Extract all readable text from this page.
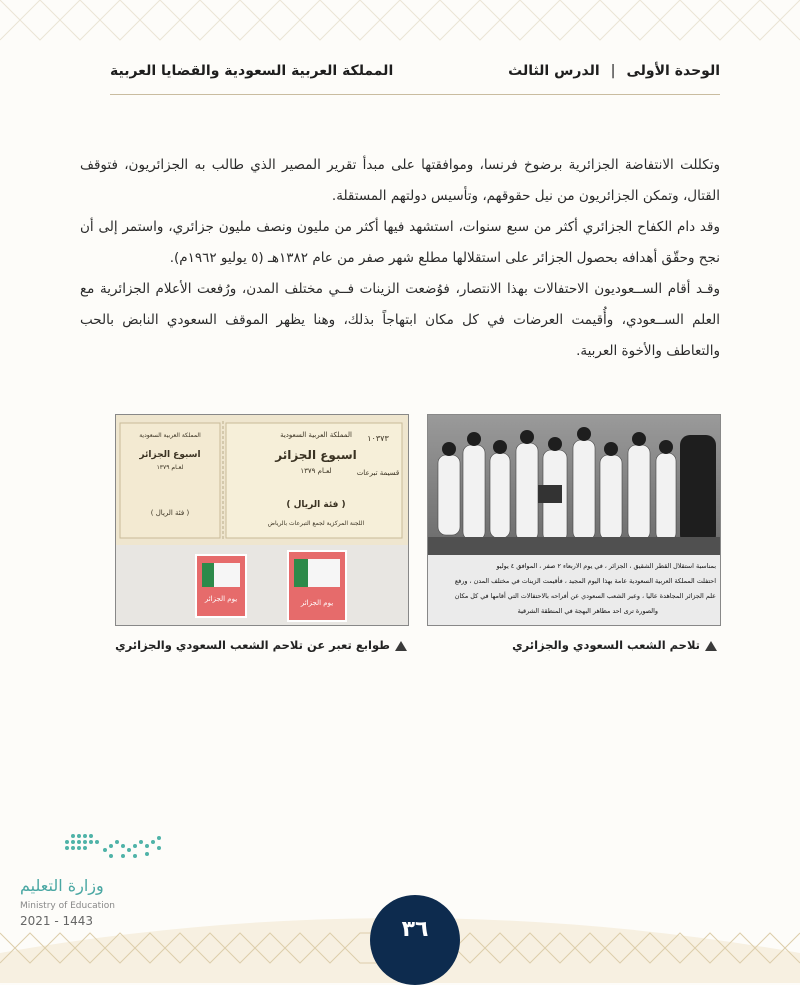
الوحدة الأولى | الدرس الثالث
المملكة العربية السعودية والقضايا العربية

وتكللت الانتفاضة الجزائرية برضوخ فرنسا، وموافقتها على مبدأ تقرير المصير الذي طالب به الجزائريون، فتوقف القتال، وتمكن الجزائريون من نيل حقوقهم، وتأسيس دولتهم المستقلة.

وقد دام الكفاح الجزائري أكثر من سبع سنوات، استشهد فيها أكثر من مليون ونصف مليون جزائري، واستمر إلى أن نجح وحقّق أهدافه بحصول الجزائر على استقلالها مطلع شهر صفر من عام ١٣٨٢هـ (٥ يوليو ١٩٦٢م).

وقـد أقام الســعوديون الاحتفالات بهذا الانتصار، فوُضعت الزينات فــي مختلف المدن، ورُفعت الأعلام الجزائرية مع العلم الســعودي، وأُقيمت العرضات في كل مكان ابتهاجاً بذلك، وهنا يظهر الموقف السعودي النابض بالحب والتعاطف والأخوة العربية.

بمناسبة استقلال القطر الشقيق ، الجزائر ، في يوم الاربعاء ٢ صفر ، الموافق ٤ يوليو
احتفلت المملكة العربية السعودية عامة بهذا اليوم المجيد ، فأقيمت الزينات في مختلف المدن ، ورفع
علم الجزائر المجاهدة عاليا ، وعبر الشعب السعودي عن أفراحه بالاحتفالات التي أقامها في كل مكان
والصورة ترى احد مظاهر البهجة في المنطقة الشرقية
المملكة العربية السعودية
اسبوع الجزائر
لعـام ١٣٧٩
١٠٣٧٣
قسيمة تبرعات
( فئة الريال )
اللجنة المركزية لجمع التبرعات بالرياض
المملكة العربية السعودية
اسبوع الجزائر
لعـام ١٣٧٩
( فئة الريال )
يوم الجزائر	يوم الجزائر
تلاحم الشعب السعودي والجزائري
طوابع تعبر عن تلاحم الشعب السعودي والجزائري
وزارة التعليم
Ministry of Education
2021 - 1443	٣٦
